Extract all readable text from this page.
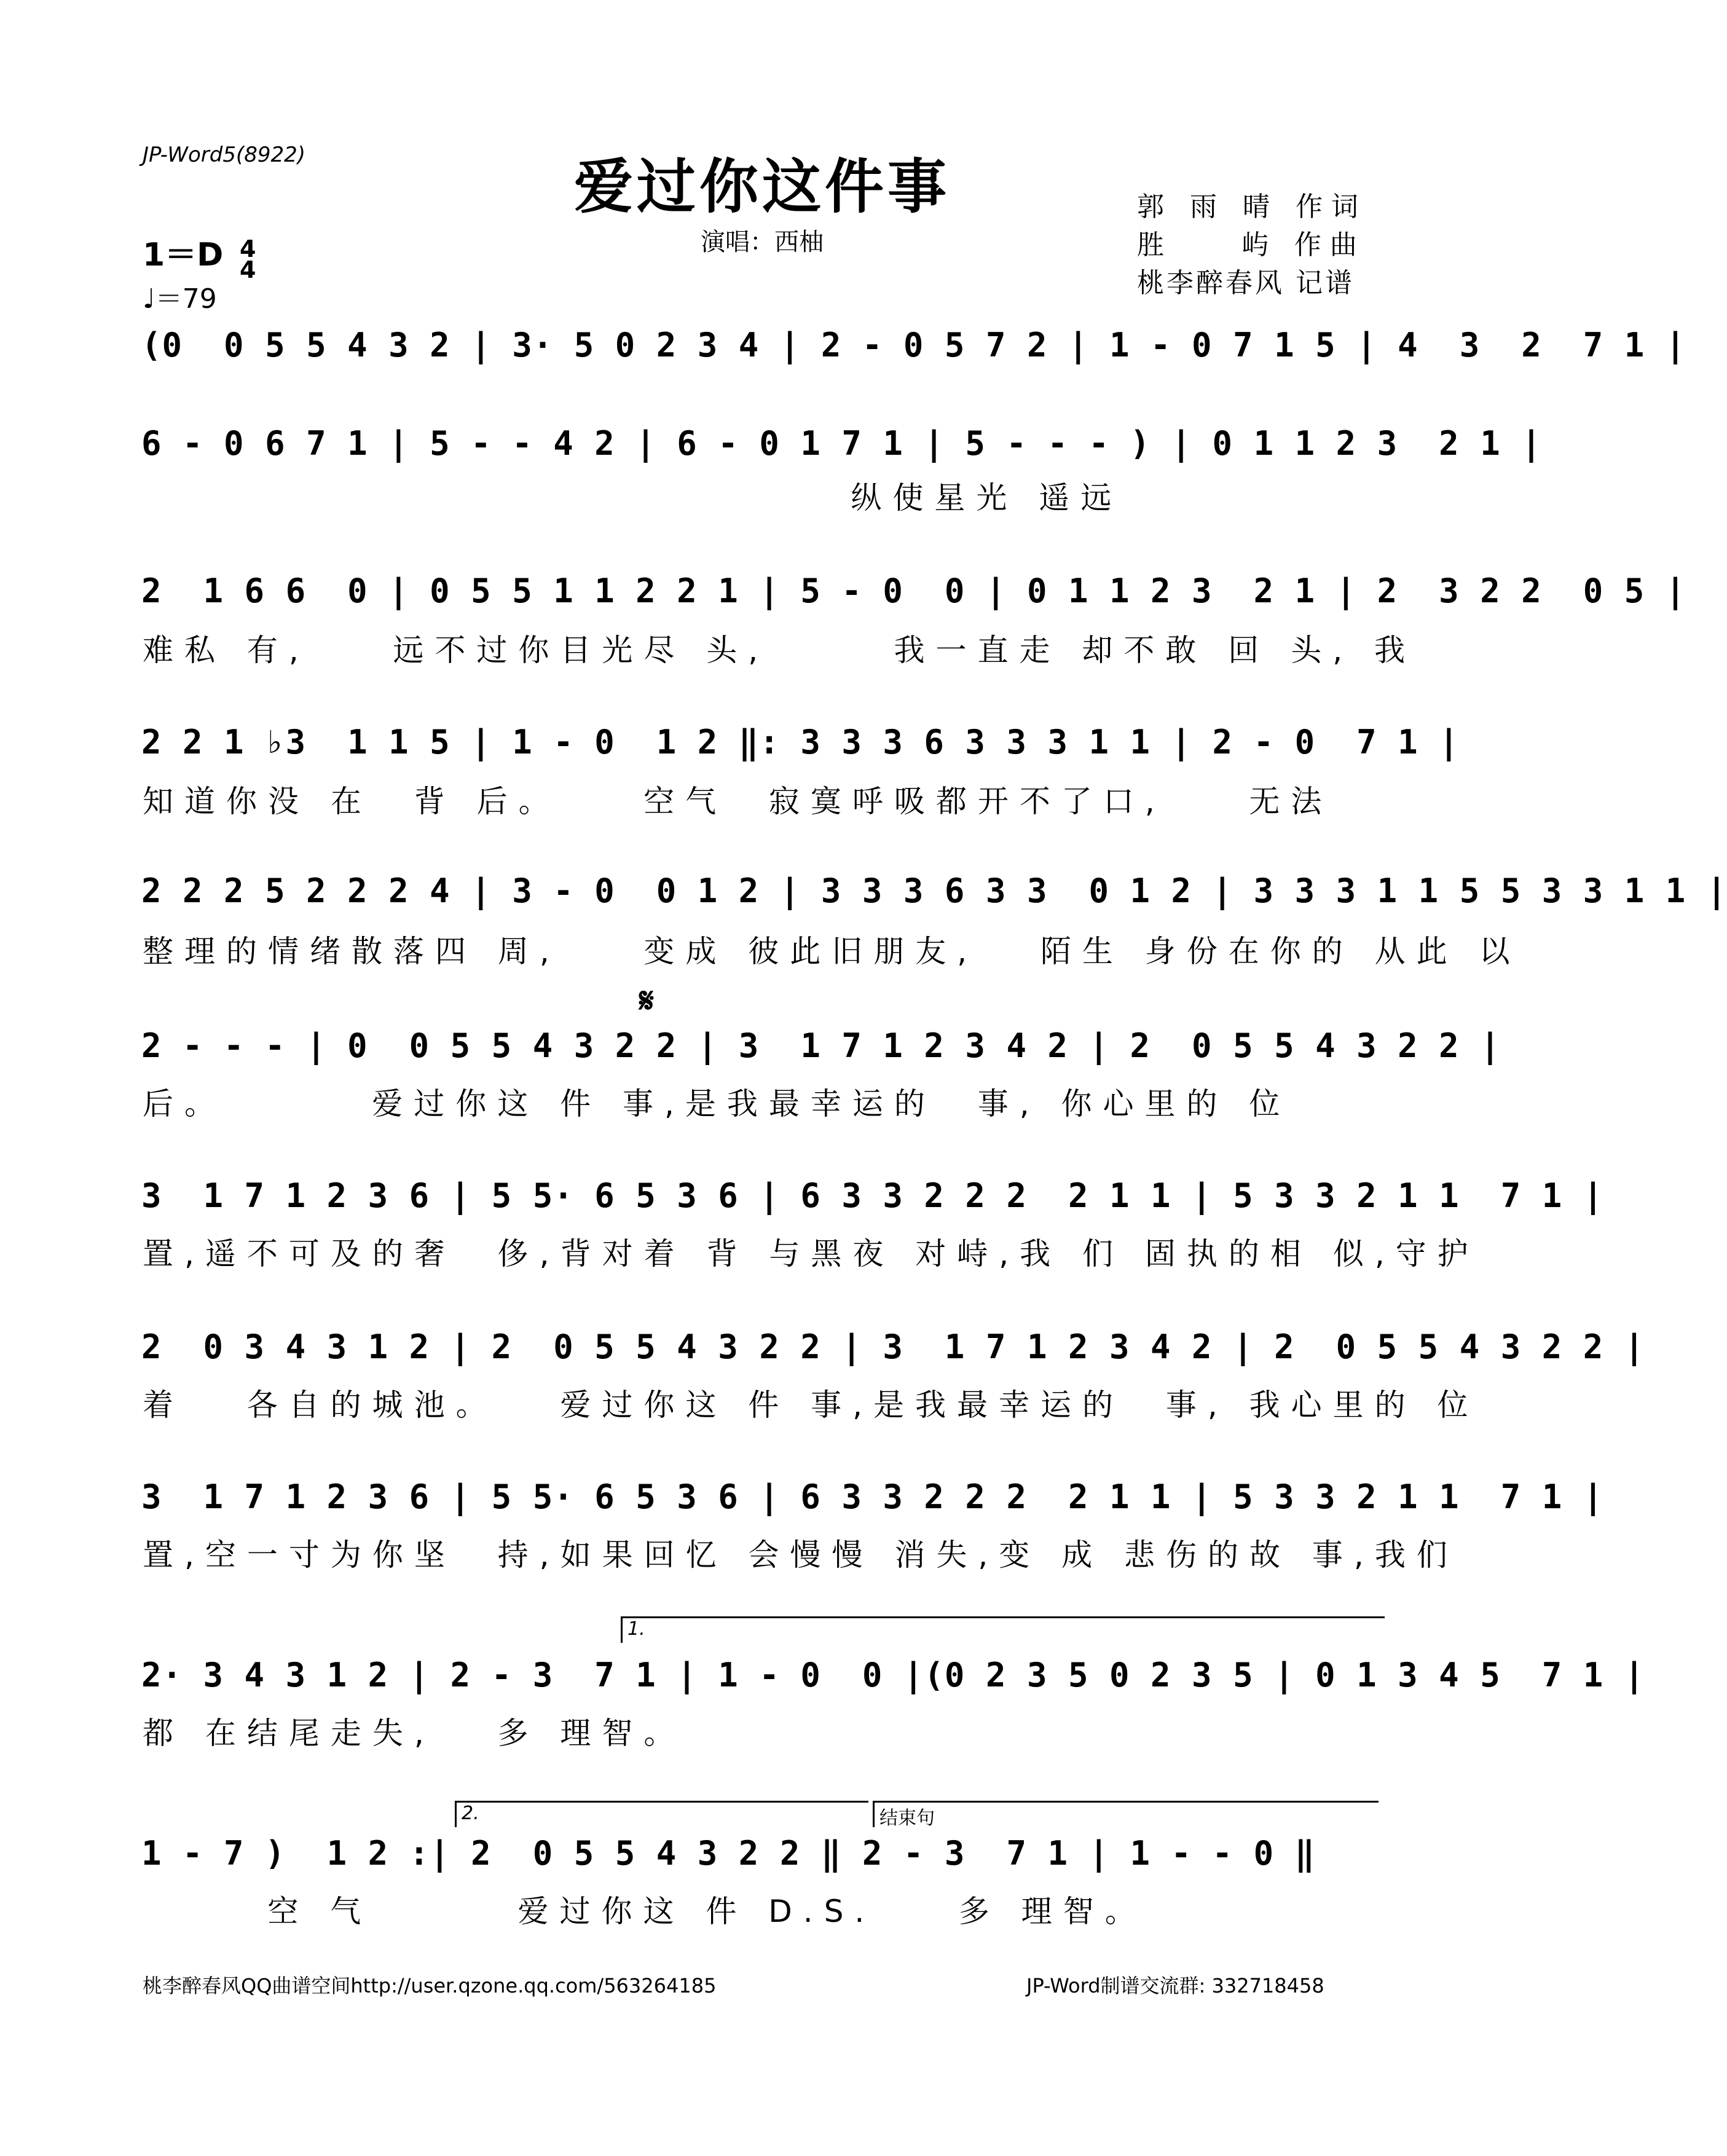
JP-Word5(8922)	爱过你这件事
演唱：西柚
郭 雨 晴 作词
胜    屿 作曲
桃李醉春风 记谱
1＝D 4
4
♩＝79
(0  0 5 5 4 3 2 | 3· 5 0 2 3 4 | 2 - 0 5 7 2 | 1 - 0 7 1 5 | 4  3  2  7 1 |
6 - 0 6 7 1 | 5 - - 4 2 | 6 - 0 1 7 1 | 5 - - - ) | 0 1 1 2 3  2 1 |
纵使星光 遥远
2  1 6 6  0 | 0 5 5 1 1 2 2 1 | 5 - 0  0 | 0 1 1 2 3  2 1 | 2  3 2 2  0 5 |
难私 有,    远不过你目光尽 头,      我一直走 却不敢 回 头, 我
2 2 1 ♭3  1 1 5 | 1 - 0  1 2 ‖: 3 3 3 6 3 3 3 1 1 | 2 - 0  7 1 |
知道你没 在  背 后。    空气  寂寞呼吸都开不了口,    无法
2 2 2 5 2 2 2 4 | 3 - 0  0 1 2 | 3 3 3 6 3 3  0 1 2 | 3 3 3 1 1 5 5 3 3 1 1 |
整理的情绪散落四 周,    变成 彼此旧朋友,   陌生 身份在你的 从此 以
𝄋
2 - - - | 0  0 5 5 4 3 2 2 | 3  1 7 1 2 3 4 2 | 2  0 5 5 4 3 2 2 |
后。       爱过你这 件 事,是我最幸运的  事, 你心里的 位
3  1 7 1 2 3 6 | 5 5· 6 5 3 6 | 6 3 3 2 2 2  2 1 1 | 5 3 3 2 1 1  7 1 |
置,遥不可及的奢  侈,背对着 背 与黑夜 对峙,我 们 固执的相 似,守护
2  0 3 4 3 1 2 | 2  0 5 5 4 3 2 2 | 3  1 7 1 2 3 4 2 | 2  0 5 5 4 3 2 2 |
着   各自的城池。   爱过你这 件 事,是我最幸运的  事, 我心里的 位
3  1 7 1 2 3 6 | 5 5· 6 5 3 6 | 6 3 3 2 2 2  2 1 1 | 5 3 3 2 1 1  7 1 |
置,空一寸为你坚  持,如果回忆 会慢慢 消失,变 成 悲伤的故 事,我们
1.
2· 3 4 3 1 2 | 2 - 3  7 1 | 1 - 0  0 |(0 2 3 5 0 2 3 5 | 0 1 3 4 5  7 1 |
都 在结尾走失,   多 理智。
2.	结束句
1 - 7 )  1 2 :| 2  0 5 5 4 3 2 2 ‖ 2 - 3  7 1 | 1 - - 0 ‖
空 气       爱过你这 件 D.S.    多 理智。
桃李醉春风QQ曲谱空间http://user.qzone.qq.com/563264185	JP-Word制谱交流群: 332718458
